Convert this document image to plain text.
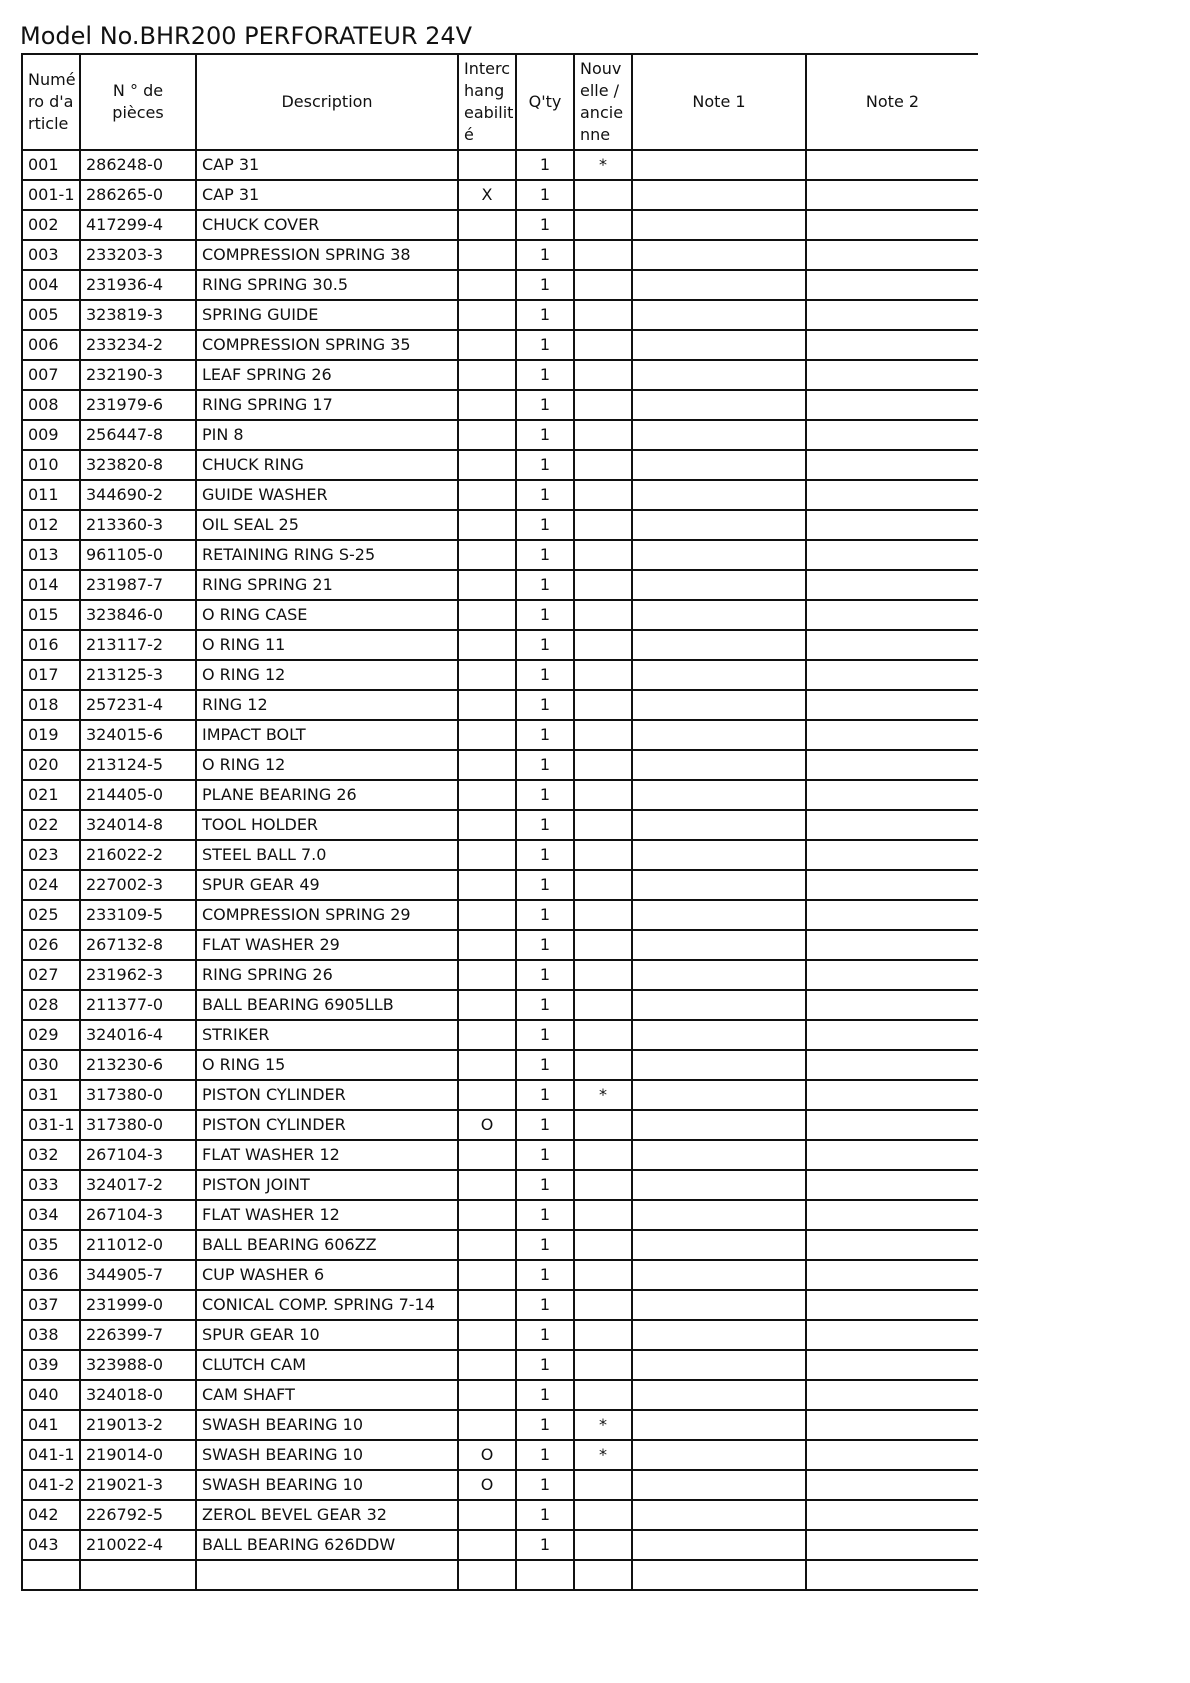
Model No.BHR200 PERFORATEUR 24V
Numé ro d'a rticle	N ° de pièces	Description	Interc hang eabilit é	Q'ty	Nouv elle / ancie nne	Note 1	Note 2
001	286248-0	CAP 31		1	*		
001-1	286265-0	CAP 31	X	1			
002	417299-4	CHUCK COVER		1			
003	233203-3	COMPRESSION SPRING 38		1			
004	231936-4	RING SPRING 30.5		1			
005	323819-3	SPRING GUIDE		1			
006	233234-2	COMPRESSION SPRING 35		1			
007	232190-3	LEAF SPRING 26		1			
008	231979-6	RING SPRING 17		1			
009	256447-8	PIN 8		1			
010	323820-8	CHUCK RING		1			
011	344690-2	GUIDE WASHER		1			
012	213360-3	OIL SEAL 25		1			
013	961105-0	RETAINING RING S-25		1			
014	231987-7	RING SPRING 21		1			
015	323846-0	O RING CASE		1			
016	213117-2	O RING 11		1			
017	213125-3	O RING 12		1			
018	257231-4	RING 12		1			
019	324015-6	IMPACT BOLT		1			
020	213124-5	O RING 12		1			
021	214405-0	PLANE BEARING 26		1			
022	324014-8	TOOL HOLDER		1			
023	216022-2	STEEL BALL 7.0		1			
024	227002-3	SPUR GEAR 49		1			
025	233109-5	COMPRESSION SPRING 29		1			
026	267132-8	FLAT WASHER 29		1			
027	231962-3	RING SPRING 26		1			
028	211377-0	BALL BEARING 6905LLB		1			
029	324016-4	STRIKER		1			
030	213230-6	O RING 15		1			
031	317380-0	PISTON CYLINDER		1	*		
031-1	317380-0	PISTON CYLINDER	O	1			
032	267104-3	FLAT WASHER 12		1			
033	324017-2	PISTON JOINT		1			
034	267104-3	FLAT WASHER 12		1			
035	211012-0	BALL BEARING 606ZZ		1			
036	344905-7	CUP WASHER 6		1			
037	231999-0	CONICAL COMP. SPRING 7-14		1			
038	226399-7	SPUR GEAR 10		1			
039	323988-0	CLUTCH CAM		1			
040	324018-0	CAM SHAFT		1			
041	219013-2	SWASH BEARING 10		1	*		
041-1	219014-0	SWASH BEARING 10	O	1	*		
041-2	219021-3	SWASH BEARING 10	O	1			
042	226792-5	ZEROL BEVEL GEAR 32		1			
043	210022-4	BALL BEARING 626DDW		1			
